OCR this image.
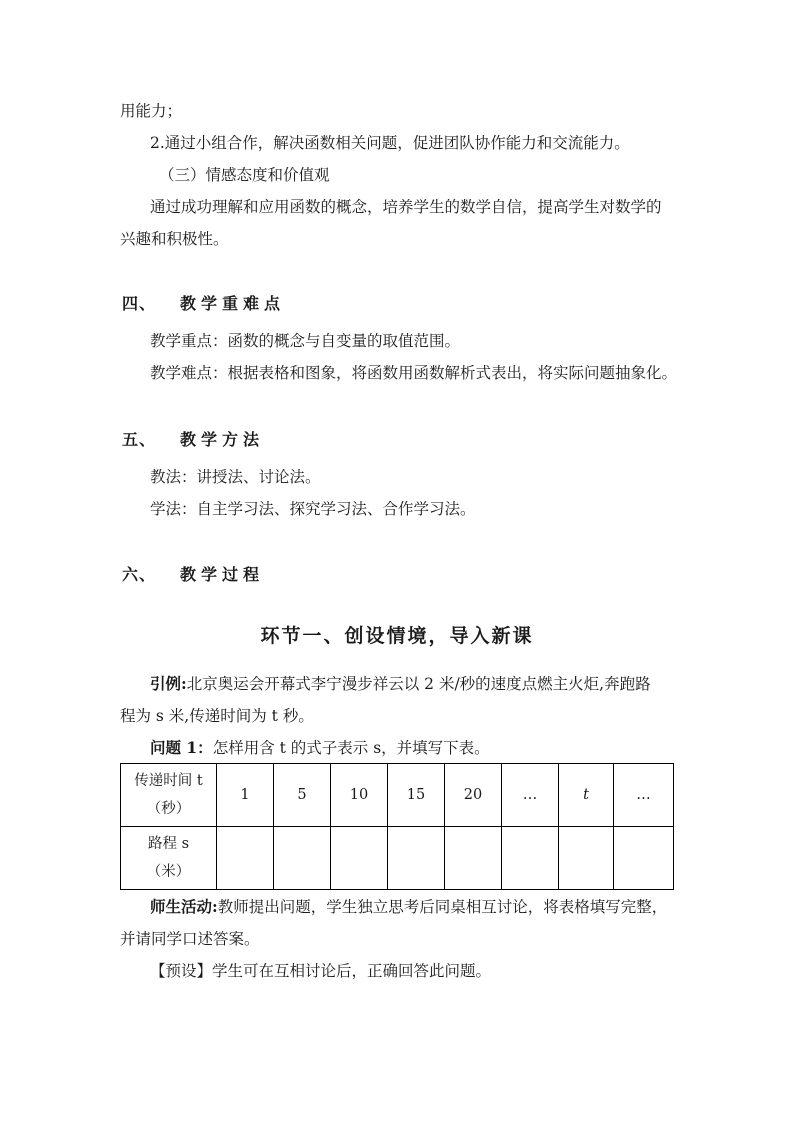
用能力；
2.通过小组合作，解决函数相关问题，促进团队协作能力和交流能力。
（三）情感态度和价值观
通过成功理解和应用函数的概念，培养学生的数学自信，提高学生对数学的
兴趣和积极性。
四、 教学重难点
教学重点：函数的概念与自变量的取值范围。
教学难点：根据表格和图象，将函数用函数解析式表出，将实际问题抽象化。
五、 教学方法
教法：讲授法、讨论法。
学法：自主学习法、探究学习法、合作学习法。
六、 教学过程
环节一、创设情境，导入新课
引例:北京奥运会开幕式李宁漫步祥云以 2 米/秒的速度点燃主火炬,奔跑路
程为 s 米,传递时间为 t 秒。
问题 1：怎样用含 t 的式子表示 s，并填写下表。
传递时间 t
（秒）	1	5	10	15	20	…	t	…

路程 s
（米）								

师生活动:教师提出问题，学生独立思考后同桌相互讨论，将表格填写完整，
并请同学口述答案。
【预设】学生可在互相讨论后，正确回答此问题。
